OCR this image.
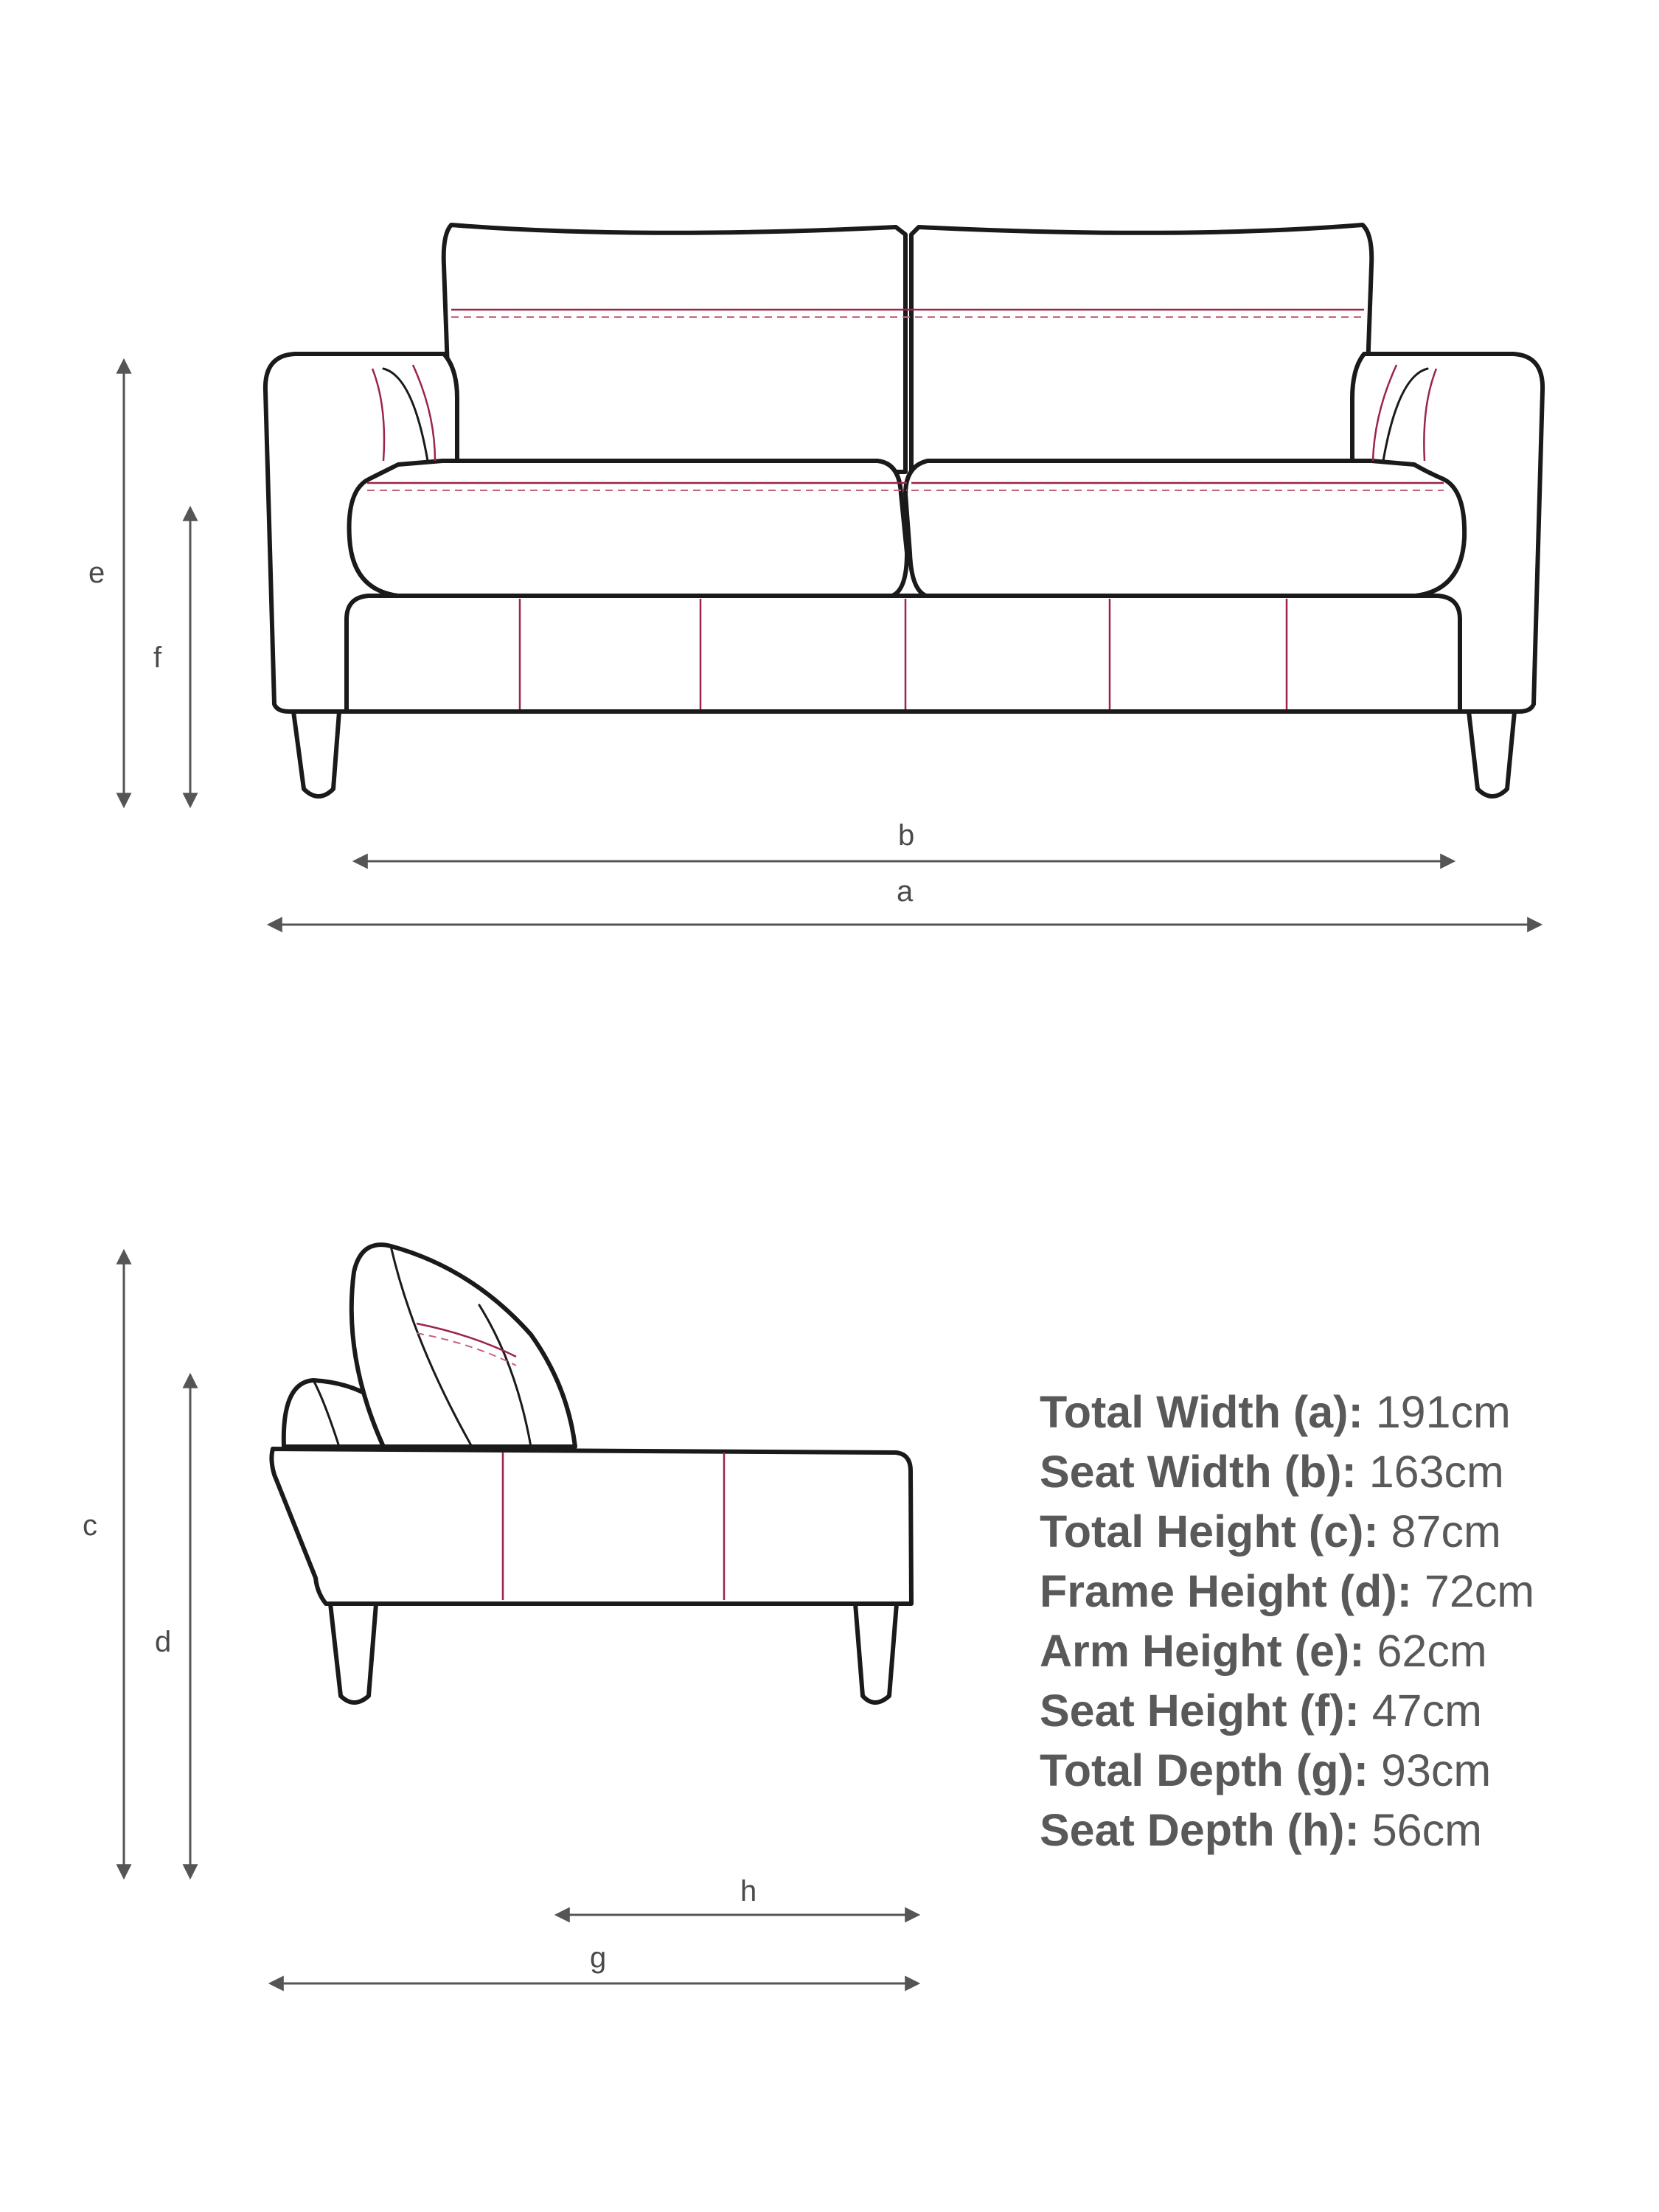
e
f
b
a
c
d
h
g
Total Width (a): 191cm
Seat Width (b): 163cm
Total Height (c): 87cm
Frame Height (d): 72cm
Arm Height (e): 62cm
Seat Height (f): 47cm
Total Depth (g): 93cm
Seat Depth (h): 56cm
